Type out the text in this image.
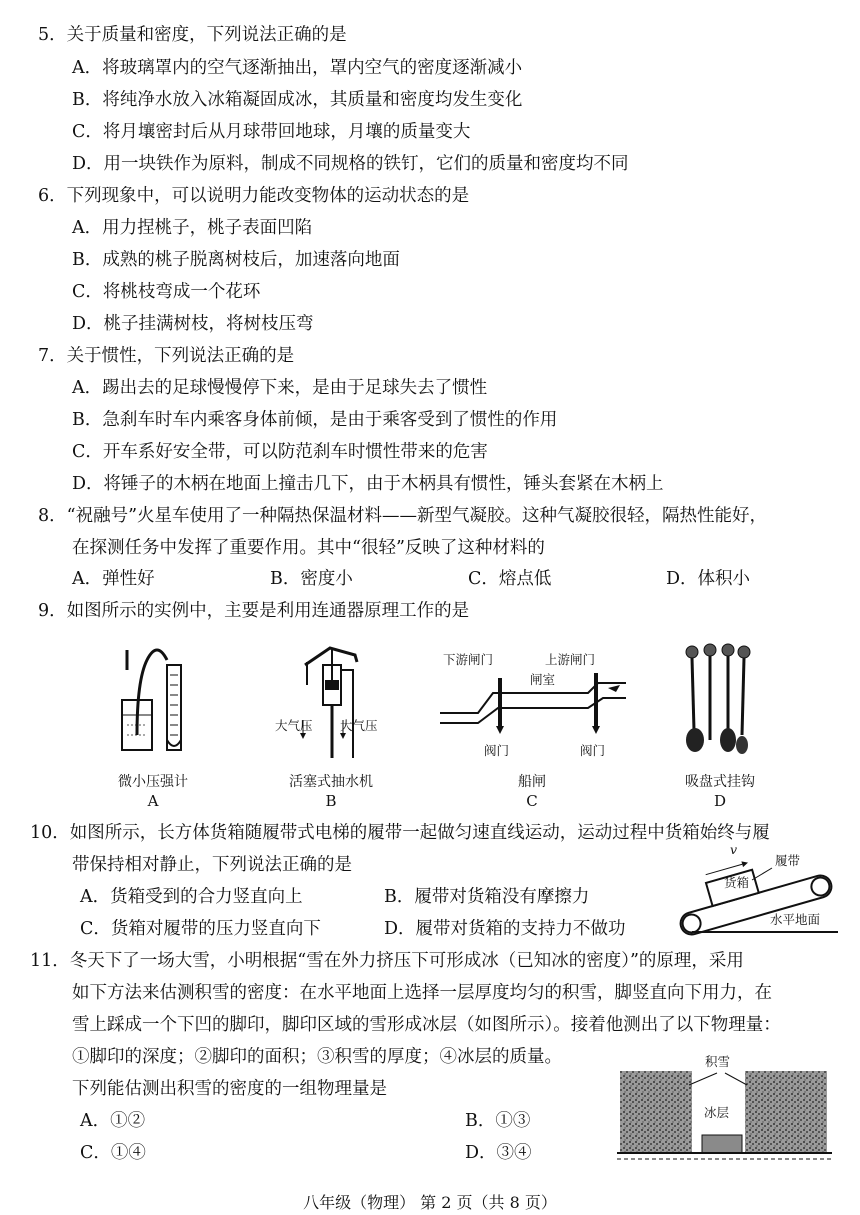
5．关于质量和密度，下列说法正确的是
A．将玻璃罩内的空气逐渐抽出，罩内空气的密度逐渐减小
B．将纯净水放入冰箱凝固成冰，其质量和密度均发生变化
C．将月壤密封后从月球带回地球，月壤的质量变大
D．用一块铁作为原料，制成不同规格的铁钉，它们的质量和密度均不同
6．下列现象中，可以说明力能改变物体的运动状态的是
A．用力捏桃子，桃子表面凹陷
B．成熟的桃子脱离树枝后，加速落向地面
C．将桃枝弯成一个花环
D．桃子挂满树枝，将树枝压弯
7．关于惯性，下列说法正确的是
A．踢出去的足球慢慢停下来，是由于足球失去了惯性
B．急刹车时车内乘客身体前倾，是由于乘客受到了惯性的作用
C．开车系好安全带，可以防范刹车时惯性带来的危害
D．将锤子的木柄在地面上撞击几下，由于木柄具有惯性，锤头套紧在木柄上
8．“祝融号”火星车使用了一种隔热保温材料——新型气凝胶。这种气凝胶很轻，隔热性能好，
在探测任务中发挥了重要作用。其中“很轻”反映了这种材料的
A．弹性好	B．密度小	C．熔点低	D．体积小
9．如图所示的实例中，主要是利用连通器原理工作的是
微小压强计
A
大气压 大气压
活塞式抽水机
B
下游闸门	上游闸门
闸室
阀门	阀门
船闸
C
吸盘式挂钩
D
10．如图所示，长方体货箱随履带式电梯的履带一起做匀速直线运动，运动过程中货箱始终与履
带保持相对静止，下列说法正确的是
A．货箱受到的合力竖直向上	B．履带对货箱没有摩擦力
C．货箱对履带的压力竖直向下	D．履带对货箱的支持力不做功
v
履带
货箱
水平地面
11．冬天下了一场大雪，小明根据“雪在外力挤压下可形成冰（已知冰的密度）”的原理，采用
如下方法来估测积雪的密度：在水平地面上选择一层厚度均匀的积雪，脚竖直向下用力，在
雪上踩成一个下凹的脚印，脚印区域的雪形成冰层（如图所示）。接着他测出了以下物理量：
①脚印的深度；②脚印的面积；③积雪的厚度；④冰层的质量。
下列能估测出积雪的密度的一组物理量是
A．①②	B．①③
C．①④	D．③④
积雪
冰层
八年级（物理） 第 2 页（共 8 页）
